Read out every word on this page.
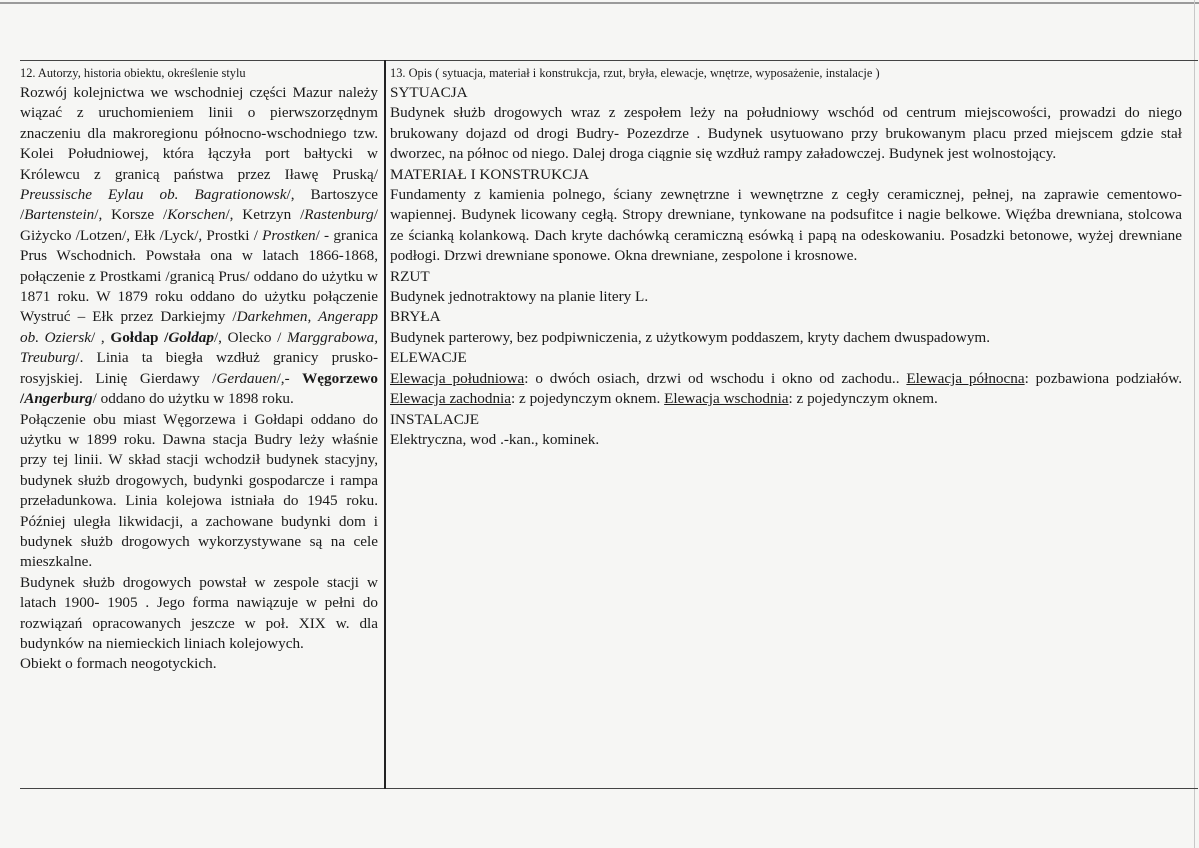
12. Autorzy, historia obiektu, określenie stylu

Rozwój kolejnictwa we wschodniej części Mazur należy wiązać z uruchomieniem linii o pierwszorzędnym znaczeniu dla makroregionu północno-wschodniego tzw. Kolei Południowej, która łączyła port bałtycki w Królewcu z granicą państwa przez Iławę Pruską/ Preussische Eylau ob. Bagrationowsk/, Bartoszyce /Bartenstein/, Korsze /Korschen/, Ketrzyn /Rastenburg/ Giżycko /Lotzen/, Ełk /Lyck/, Prostki / Prostken/ - granica Prus Wschodnich. Powstała ona w latach 1866-1868, połączenie z Prostkami /granicą Prus/ oddano do użytku w 1871 roku. W 1879 roku oddano do użytku połączenie Wystruć – Ełk przez Darkiejmy /Darkehmen, Angerapp ob. Oziersk/ , Gołdap /Goldap/, Olecko / Marggrabowa, Treuburg/. Linia ta biegła wzdłuż granicy prusko-rosyjskiej. Linię Gierdawy /Gerdauen/,- Węgorzewo /Angerburg/ oddano do użytku w 1898 roku.

Połączenie obu miast Węgorzewa i Gołdapi oddano do użytku w 1899 roku. Dawna stacja Budry leży właśnie przy tej linii. W skład stacji wchodził budynek stacyjny, budynek służb drogowych, budynki gospodarcze i rampa przeładunkowa. Linia kolejowa istniała do 1945 roku. Później uległa likwidacji, a zachowane budynki dom i budynek służb drogowych wykorzystywane są na cele mieszkalne.

Budynek służb drogowych powstał w zespole stacji w latach 1900- 1905 . Jego forma nawiązuje w pełni do rozwiązań opracowanych jeszcze w poł. XIX w. dla budynków na niemieckich liniach kolejowych.

Obiekt o formach neogotyckich.

13. Opis ( sytuacja, materiał i konstrukcja, rzut, bryła, elewacje, wnętrze, wyposażenie, instalacje )

SYTUACJA

Budynek służb drogowych wraz z zespołem leży na południowy wschód od centrum miejscowości, prowadzi do niego brukowany dojazd od drogi Budry- Pozezdrze . Budynek usytuowano przy brukowanym placu przed miejscem gdzie stał dworzec, na północ od niego. Dalej droga ciągnie się wzdłuż rampy załadowczej. Budynek jest wolnostojący.

MATERIAŁ I KONSTRUKCJA

Fundamenty z kamienia polnego, ściany zewnętrzne i wewnętrzne z cegły ceramicznej, pełnej, na zaprawie cementowo-wapiennej. Budynek licowany cegłą. Stropy drewniane, tynkowane na podsufitce i nagie belkowe. Więźba drewniana, stolcowa ze ścianką kolankową. Dach kryte dachówką ceramiczną esówką i papą na odeskowaniu. Posadzki betonowe, wyżej drewniane podłogi. Drzwi drewniane sponowe. Okna drewniane, zespolone i krosnowe.

RZUT

Budynek jednotraktowy na planie litery L.

BRYŁA

Budynek parterowy, bez podpiwniczenia, z użytkowym poddaszem, kryty dachem dwuspadowym.

ELEWACJE

Elewacja południowa: o dwóch osiach, drzwi od wschodu i okno od zachodu.. Elewacja północna: pozbawiona podziałów. Elewacja zachodnia: z pojedynczym oknem. Elewacja wschodnia: z pojedynczym oknem.

INSTALACJE

Elektryczna, wod .-kan., kominek.
